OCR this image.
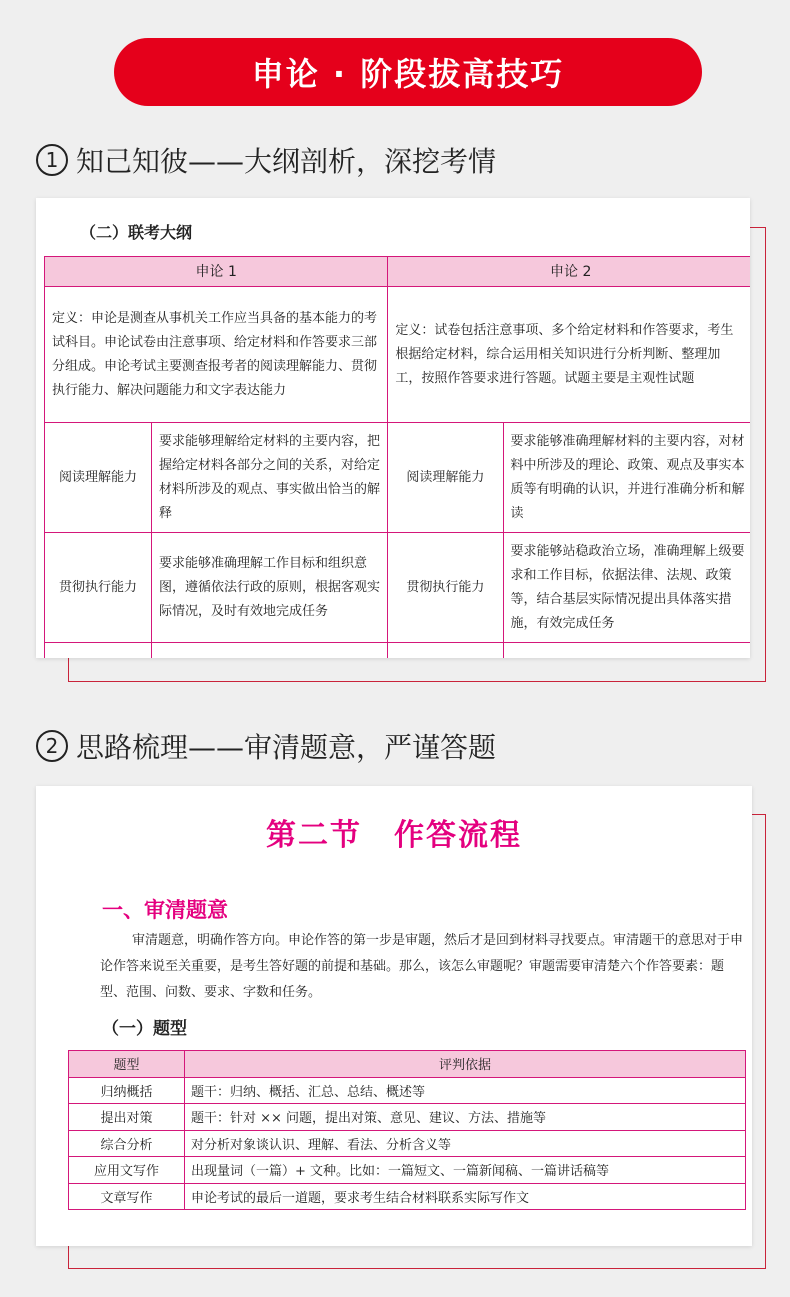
申论 · 阶段拔高技巧
1 知己知彼——大纲剖析，深挖考情
（二）联考大纲
申论 1		申论 2	
定义：申论是测查从事机关工作应当具备的基本能力的考试科目。申论试卷由注意事项、给定材料和作答要求三部分组成。申论考试主要测查报考者的阅读理解能力、贯彻执行能力、解决问题能力和文字表达能力		定义：试卷包括注意事项、多个给定材料和作答要求，考生根据给定材料，综合运用相关知识进行分析判断、整理加工，按照作答要求进行答题。试题主要是主观性试题	
阅读理解能力	要求能够理解给定材料的主要内容，把握给定材料各部分之间的关系，对给定材料所涉及的观点、事实做出恰当的解释	阅读理解能力	要求能够准确理解材料的主要内容，对材料中所涉及的理论、政策、观点及事实本质等有明确的认识，并进行准确分析和解读
贯彻执行能力	要求能够准确理解工作目标和组织意图，遵循依法行政的原则，根据客观实际情况，及时有效地完成任务	贯彻执行能力	要求能够站稳政治立场，准确理解上级要求和工作目标，依据法律、法规、政策等，结合基层实际情况提出具体落实措施，有效完成任务

2 思路梳理——审清题意，严谨答题
第二节　作答流程
一、审清题意
审清题意，明确作答方向。申论作答的第一步是审题，然后才是回到材料寻找要点。审清题干的意思对于申论作答来说至关重要，是考生答好题的前提和基础。那么，该怎么审题呢？审题需要审清楚六个作答要素：题型、范围、问数、要求、字数和任务。
（一）题型
题型	评判依据
归纳概括	题干：归纳、概括、汇总、总结、概述等
提出对策	题干：针对 ×× 问题，提出对策、意见、建议、方法、措施等
综合分析	对分析对象谈认识、理解、看法、分析含义等
应用文写作	出现量词（一篇）+ 文种。比如：一篇短文、一篇新闻稿、一篇讲话稿等
文章写作	申论考试的最后一道题，要求考生结合材料联系实际写作文
